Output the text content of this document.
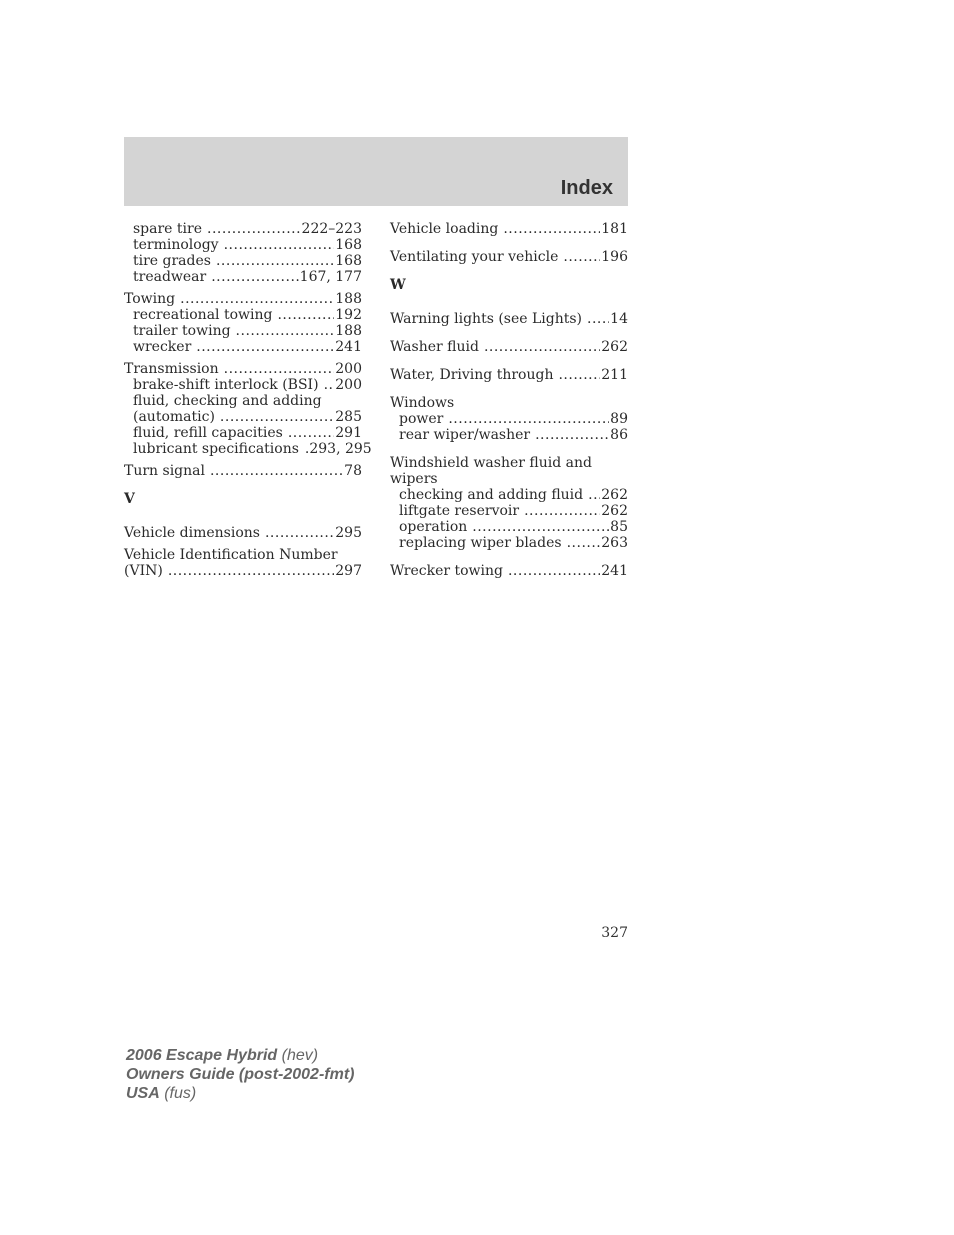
Index
spare tire .....	222–223
terminology .....	168
tire grades .....	168
treadwear .....	167, 177
Towing .....	188
recreational towing .....	192
trailer towing .....	188
wrecker .....	241
Transmission .....	200
brake-shift interlock (BSI) ..... 200
fluid, checking and adding
(automatic) .....	285
fluid, refill capacities .....	291
lubricant specifications .293, 295
Turn signal .....	78
V
Vehicle dimensions .....	295
Vehicle Identification Number
(VIN) .....	297
Vehicle loading .....	181
Ventilating your vehicle .....	196
W
Warning lights (see Lights) ..... 14
Washer fluid .....	262
Water, Driving through .....	211
Windows
power .....	89
rear wiper/washer .....	86
Windshield washer fluid and
wipers
checking and adding fluid ..... 262
liftgate reservoir .....	262
operation .....	85
replacing wiper blades .....	263
Wrecker towing .....	241
327
2006 Escape Hybrid (hev)
Owners Guide (post-2002-fmt)
USA (fus)
